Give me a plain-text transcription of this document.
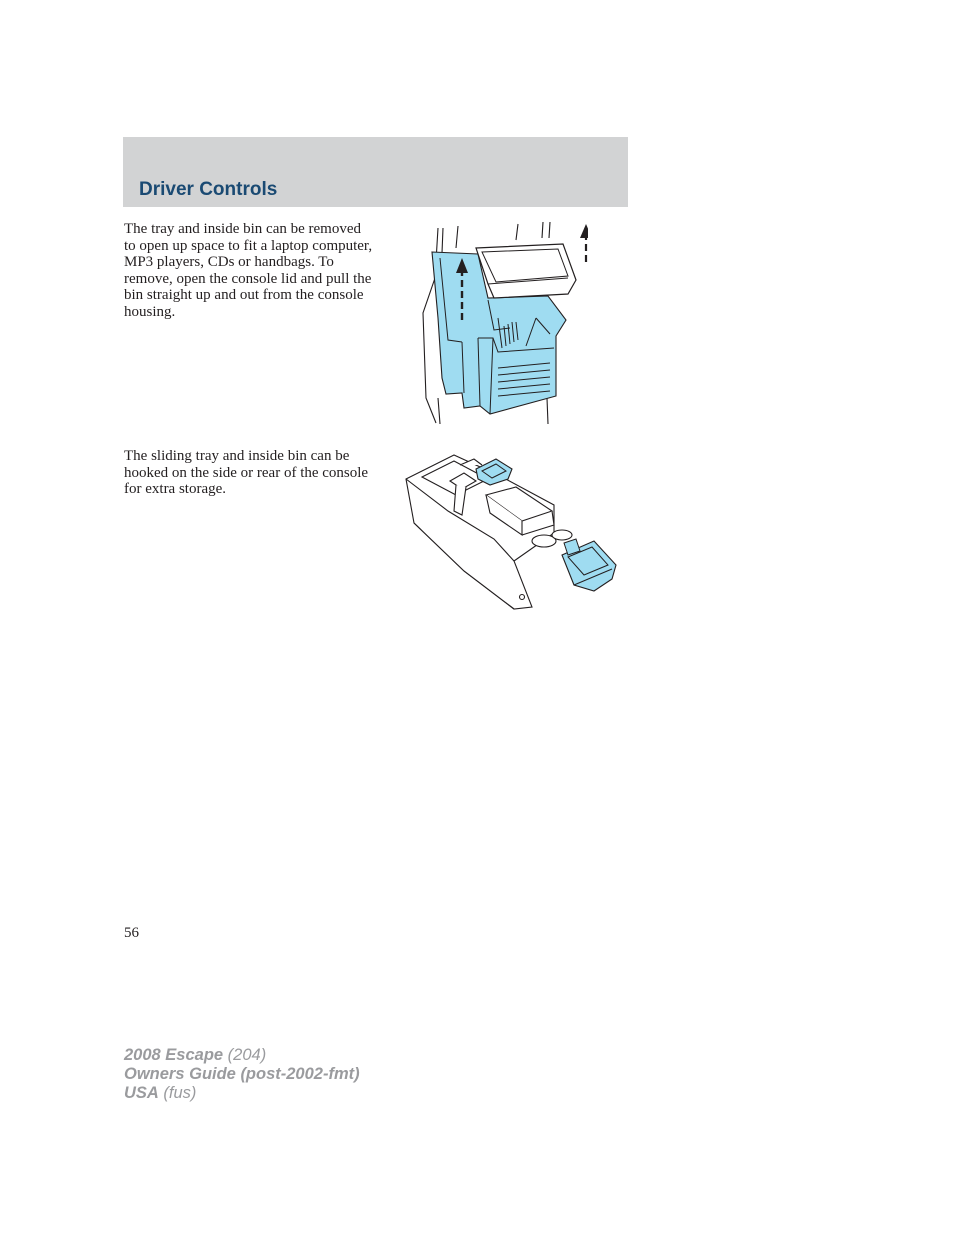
Driver Controls

The tray and inside bin can be removed to open up space to fit a laptop computer, MP3 players, CDs or handbags. To remove, open the console lid and pull the bin straight up and out from the console housing.

The sliding tray and inside bin can be hooked on the side or rear of the console for extra storage.

56
2008 Escape (204)
Owners Guide (post-2002-fmt)
USA (fus)
